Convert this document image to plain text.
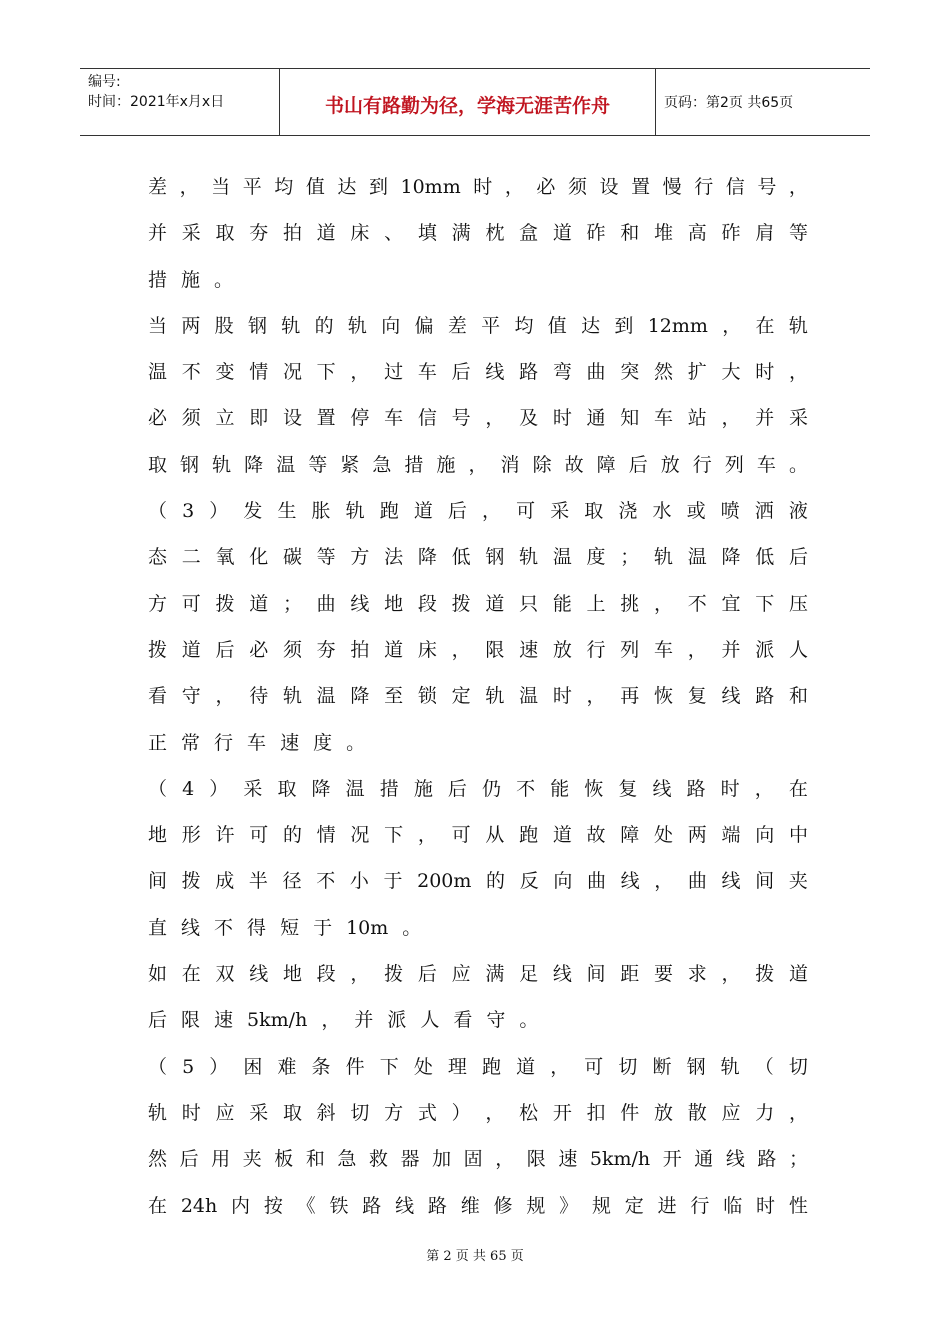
编号:
时间：2021年x月x日	书山有路勤为径，学海无涯苦作舟	页码：第2页 共65页
差 ， 当 平 均 值 达 到 10mm 时 ， 必 须 设 置 慢 行 信 号 ，
并 采 取 夯 拍 道 床 、 填 满 枕 盒 道 砟 和 堆 高 砟 肩 等
措 施 。
当 两 股 钢 轨 的 轨 向 偏 差 平 均 值 达 到 12mm ， 在 轨
温 不 变 情 况 下 ， 过 车 后 线 路 弯 曲 突 然 扩 大 时 ，
必 须 立 即 设 置 停 车 信 号 ， 及 时 通 知 车 站 ， 并 采
取 钢 轨 降 温 等 紧 急 措 施 ， 消 除 故 障 后 放 行 列 车 。
（ 3 ） 发 生 胀 轨 跑 道 后 ， 可 采 取 浇 水 或 喷 洒 液
态 二 氧 化 碳 等 方 法 降 低 钢 轨 温 度 ； 轨 温 降 低 后
方 可 拨 道 ； 曲 线 地 段 拨 道 只 能 上 挑 ， 不 宜 下 压
拨 道 后 必 须 夯 拍 道 床 ， 限 速 放 行 列 车 ， 并 派 人
看 守 ， 待 轨 温 降 至 锁 定 轨 温 时 ， 再 恢 复 线 路 和
正 常 行 车 速 度 。
（ 4 ） 采 取 降 温 措 施 后 仍 不 能 恢 复 线 路 时 ， 在
地 形 许 可 的 情 况 下 ， 可 从 跑 道 故 障 处 两 端 向 中
间 拨 成 半 径 不 小 于 200m 的 反 向 曲 线 ， 曲 线 间 夹
直 线 不 得 短 于 10m 。
如 在 双 线 地 段 ， 拨 后 应 满 足 线 间 距 要 求 ， 拨 道
后 限 速 5km/h ， 并 派 人 看 守 。
（ 5 ） 困 难 条 件 下 处 理 跑 道 ， 可 切 断 钢 轨 （ 切
轨 时 应 采 取 斜 切 方 式 ） ， 松 开 扣 件 放 散 应 力 ，
然 后 用 夹 板 和 急 救 器 加 固 ， 限 速 5km/h 开 通 线 路 ；
在 24h 内 按 《 铁 路 线 路 维 修 规 》 规 定 进 行 临 时 性
第 2 页 共 65 页
